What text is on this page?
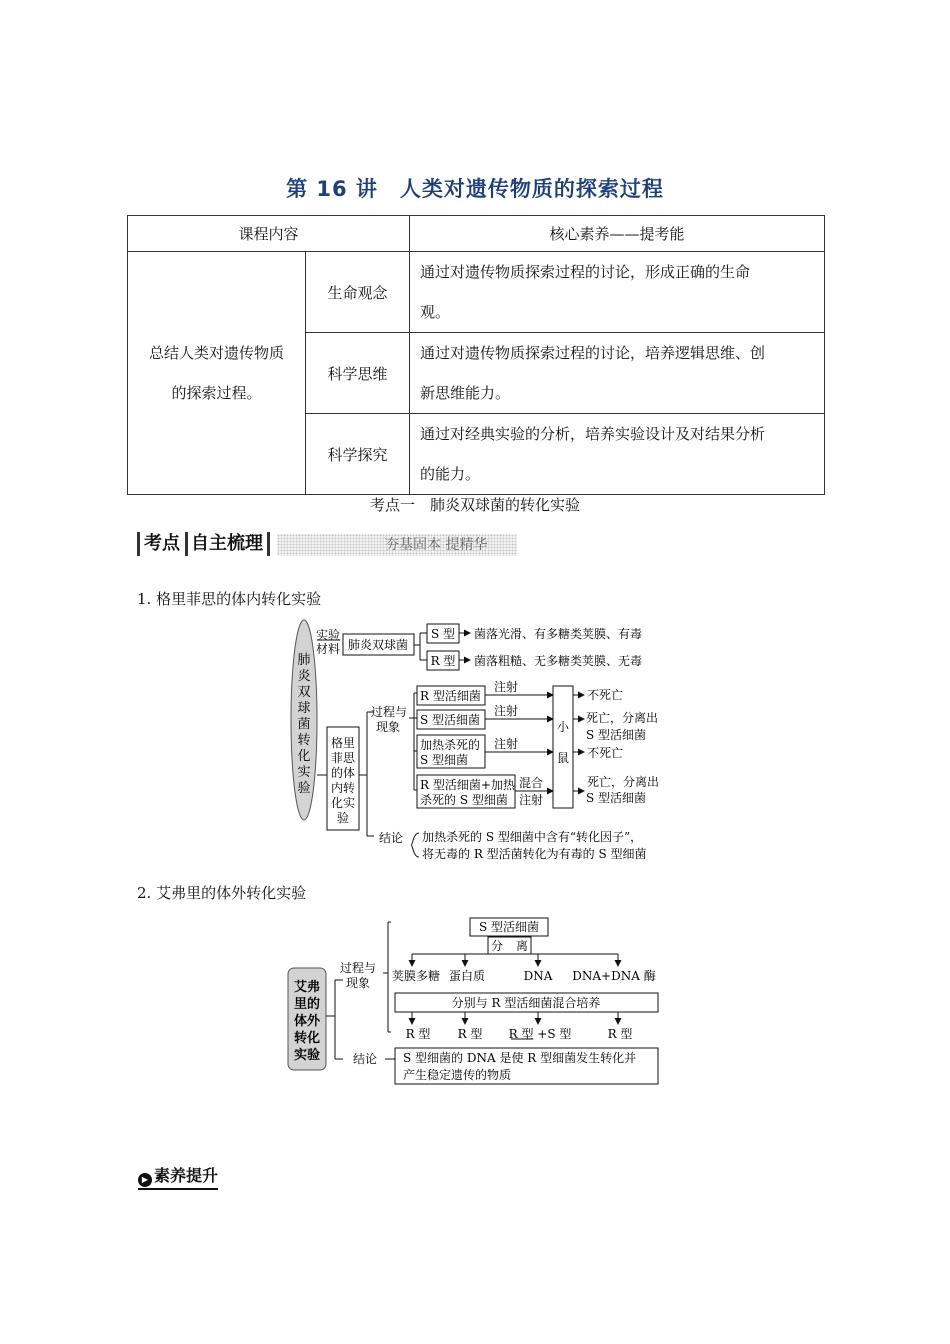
第 16 讲　人类对遗传物质的探索过程
课程内容		核心素养——提考能
总结人类对遗传物质的探索过程。	生命观念	通过对遗传物质探索过程的讨论，形成正确的生命
观。
	科学思维	通过对遗传物质探索过程的讨论，培养逻辑思维、创
新思维能力。
	科学探究	通过对经典实验的分析，培养实验设计及对结果分析
的能力。
考点一　肺炎双球菌的转化实验
考点 自主梳理	夯基固本 提精华
1. 格里菲思的体内转化实验
肺
炎
双
球
菌
转
化
实
验
实验
材料 肺炎双球菌
S 型
R 型
菌落光滑、有多糖类荚膜、有毒
菌落粗糙、无多糖类荚膜、无毒
格里
菲思
的体
内转
化实
验
过程与
现象
R 型活细菌
S 型活细菌
加热杀死的
S 型细菌
R 型活细菌+加热
杀死的 S 型细菌
注射
注射
注射
混合
注射
小
鼠
不死亡
死亡，分离出
S 型活细菌
不死亡
死亡，分离出
S 型活细菌
结论 加热杀死的 S 型细菌中含有“转化因子”，
将无毒的 R 型活菌转化为有毒的 S 型细菌
2. 艾弗里的体外转化实验
艾弗
里的
体外
转化
实验
过程与
现象
S 型活细菌
分 离
荚膜多糖 蛋白质	DNA DNA+DNA 酶
分别与 R 型活细菌混合培养
R 型 R 型 R 型 +S 型	R 型
结论 S 型细菌的 DNA 是使 R 型细菌发生转化并
产生稳定遗传的物质
▶ 素养提升
